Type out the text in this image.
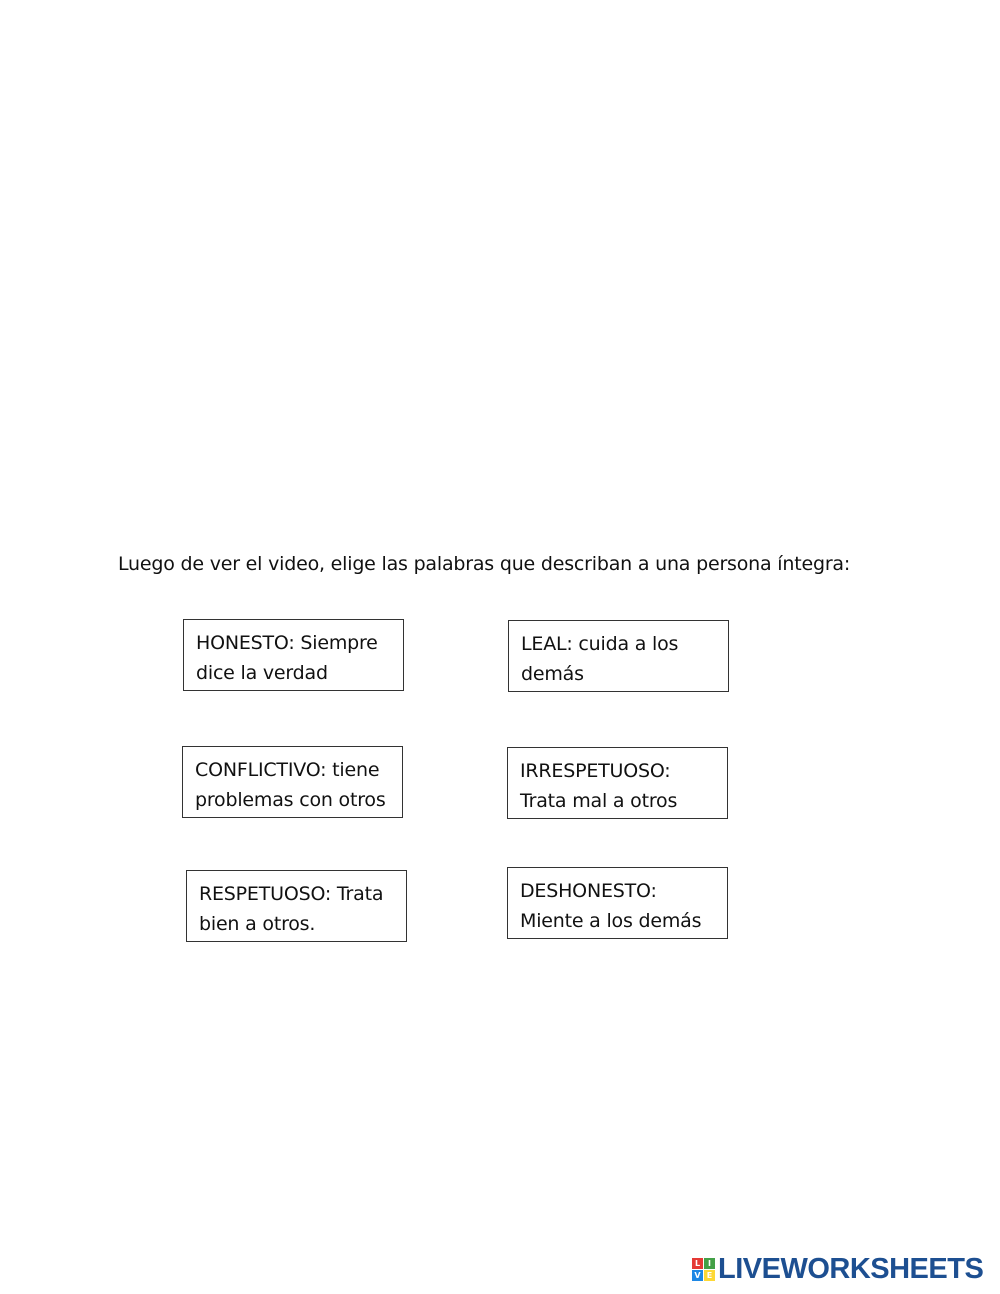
Luego de ver el video, elige las palabras que describan a una persona íntegra:
HONESTO: Siempre
dice la verdad
LEAL: cuida a los
demás
CONFLICTIVO: tiene
problemas con otros
IRRESPETUOSO:
Trata mal a otros
RESPETUOSO: Trata
bien a otros.
DESHONESTO:
Miente a los demás
L I
V E LIVEWORKSHEETS
